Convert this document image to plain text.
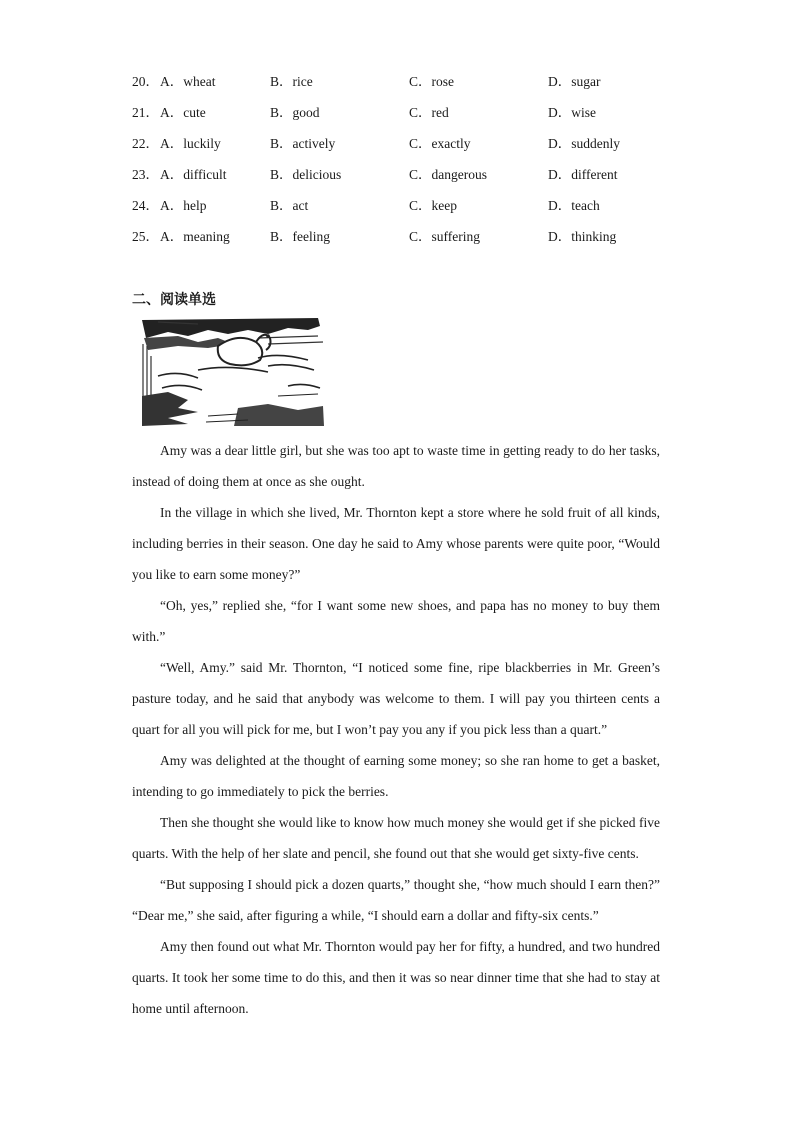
20． A．wheat	B．rice	C．rose	D．sugar
21． A．cute	B．good	C．red	D．wise
22． A．luckily	B．actively	C．exactly	D．suddenly
23． A．difficult	B．delicious	C．dangerous	D．different
24． A．help	B．act	C．keep	D．teach
25． A．meaning	B．feeling	C．suffering	D．thinking
二、阅读单选

Amy was a dear little girl, but she was too apt to waste time in getting ready to do her tasks, instead of doing them at once as she ought.

In the village in which she lived, Mr. Thornton kept a store where he sold fruit of all kinds, including berries in their season. One day he said to Amy whose parents were quite poor, “Would you like to earn some money?”

“Oh, yes,” replied she, “for I want some new shoes, and papa has no money to buy them with.”

“Well, Amy.” said Mr. Thornton, “I noticed some fine, ripe blackberries in Mr. Green’s pasture today, and he said that anybody was welcome to them. I will pay you thirteen cents a quart for all you will pick for me, but I won’t pay you any if you pick less than a quart.”

Amy was delighted at the thought of earning some money; so she ran home to get a basket, intending to go immediately to pick the berries.

Then she thought she would like to know how much money she would get if she picked five quarts. With the help of her slate and pencil, she found out that she would get sixty-five cents.

“But supposing I should pick a dozen quarts,” thought she, “how much should I earn then?” “Dear me,” she said, after figuring a while, “I should earn a dollar and fifty-six cents.”

Amy then found out what Mr. Thornton would pay her for fifty, a hundred, and two hundred quarts. It took her some time to do this, and then it was so near dinner time that she had to stay at home until afternoon.
